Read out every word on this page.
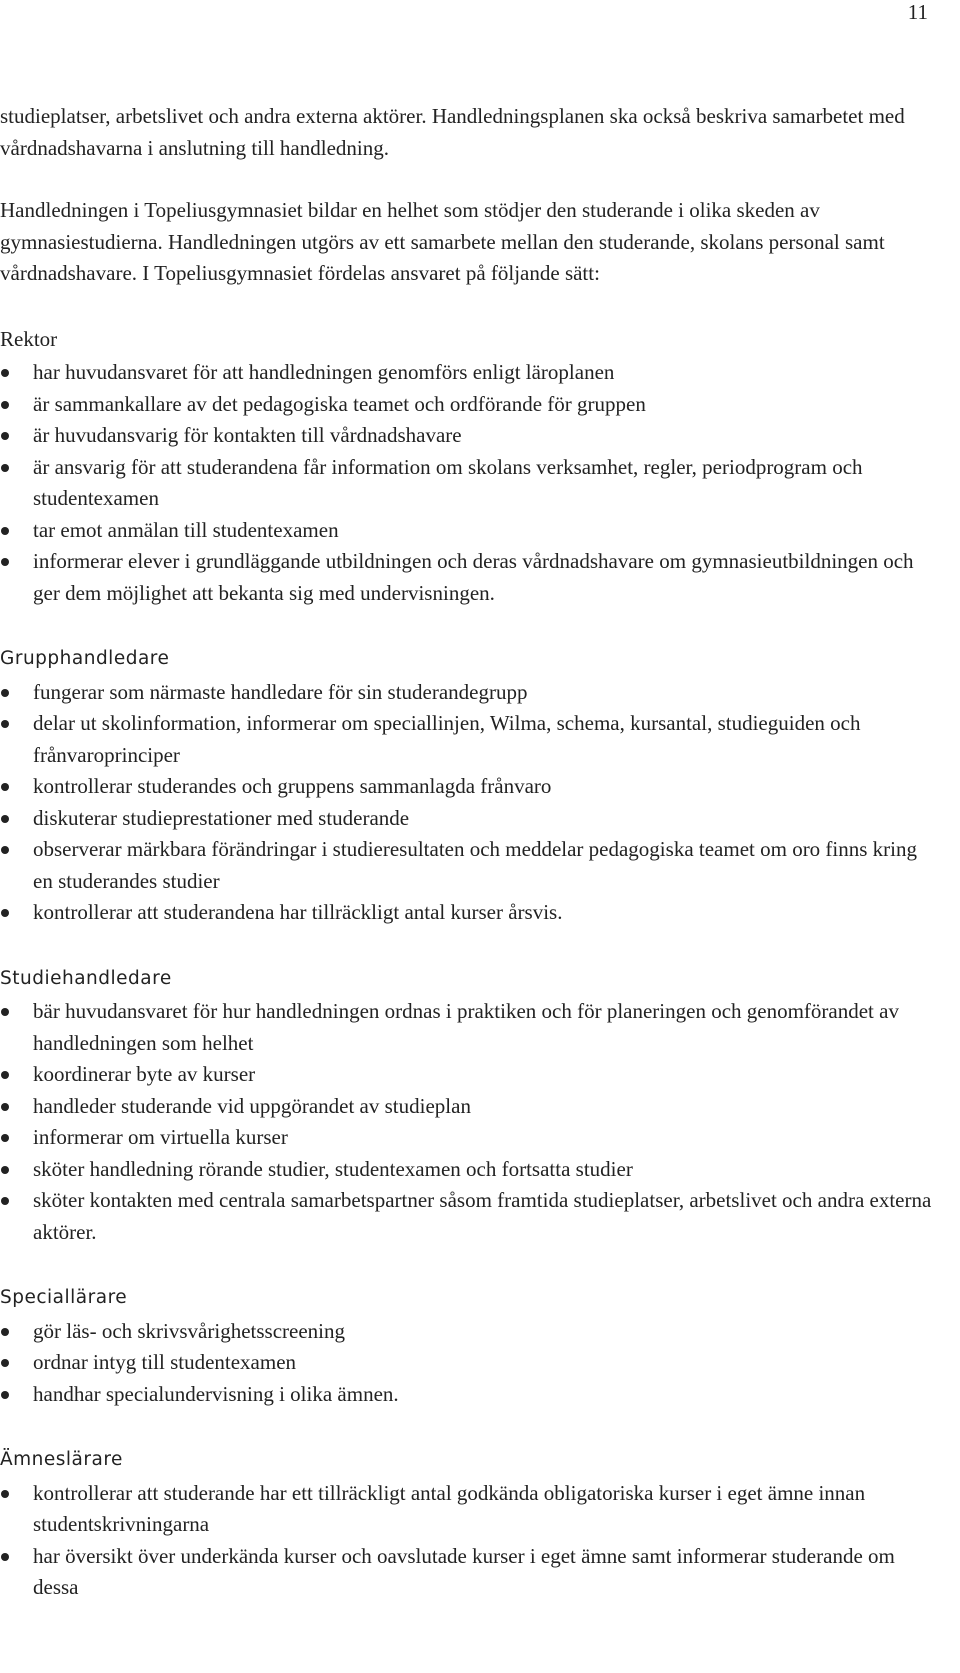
11

studieplatser, arbetslivet och andra externa aktörer. Handledningsplanen ska också beskriva samarbetet med vårdnadshavarna i anslutning till handledning.

Handledningen i Topeliusgymnasiet bildar en helhet som stödjer den studerande i olika skeden av gymnasiestudierna. Handledningen utgörs av ett samarbete mellan den studerande, skolans personal samt vårdnadshavare. I Topeliusgymnasiet fördelas ansvaret på följande sätt:

Rektor
har huvudansvaret för att handledningen genomförs enligt läroplanen
är sammankallare av det pedagogiska teamet och ordförande för gruppen
är huvudansvarig för kontakten till vårdnadshavare
är ansvarig för att studerandena får information om skolans verksamhet, regler, periodprogram och studentexamen
tar emot anmälan till studentexamen
informerar elever i grundläggande utbildningen och deras vårdnadshavare om gymnasieutbildningen och ger dem möjlighet att bekanta sig med undervisningen.
Grupphandledare
fungerar som närmaste handledare för sin studerandegrupp
delar ut skolinformation, informerar om speciallinjen, Wilma, schema, kursantal, studieguiden och frånvaroprinciper
kontrollerar studerandes och gruppens sammanlagda frånvaro
diskuterar studieprestationer med studerande
observerar märkbara förändringar i studieresultaten och meddelar pedagogiska teamet om oro finns kring en studerandes studier
kontrollerar att studerandena har tillräckligt antal kurser årsvis.
Studiehandledare
bär huvudansvaret för hur handledningen ordnas i praktiken och för planeringen och genomförandet av handledningen som helhet
koordinerar byte av kurser
handleder studerande vid uppgörandet av studieplan
informerar om virtuella kurser
sköter handledning rörande studier, studentexamen och fortsatta studier
sköter kontakten med centrala samarbetspartner såsom framtida studieplatser, arbetslivet och andra externa aktörer.
Speciallärare
gör läs- och skrivsvårighetsscreening
ordnar intyg till studentexamen
handhar specialundervisning i olika ämnen.
Ämneslärare
kontrollerar att studerande har ett tillräckligt antal godkända obligatoriska kurser i eget ämne innan studentskrivningarna
har översikt över underkända kurser och oavslutade kurser i eget ämne samt informerar studerande om dessa
